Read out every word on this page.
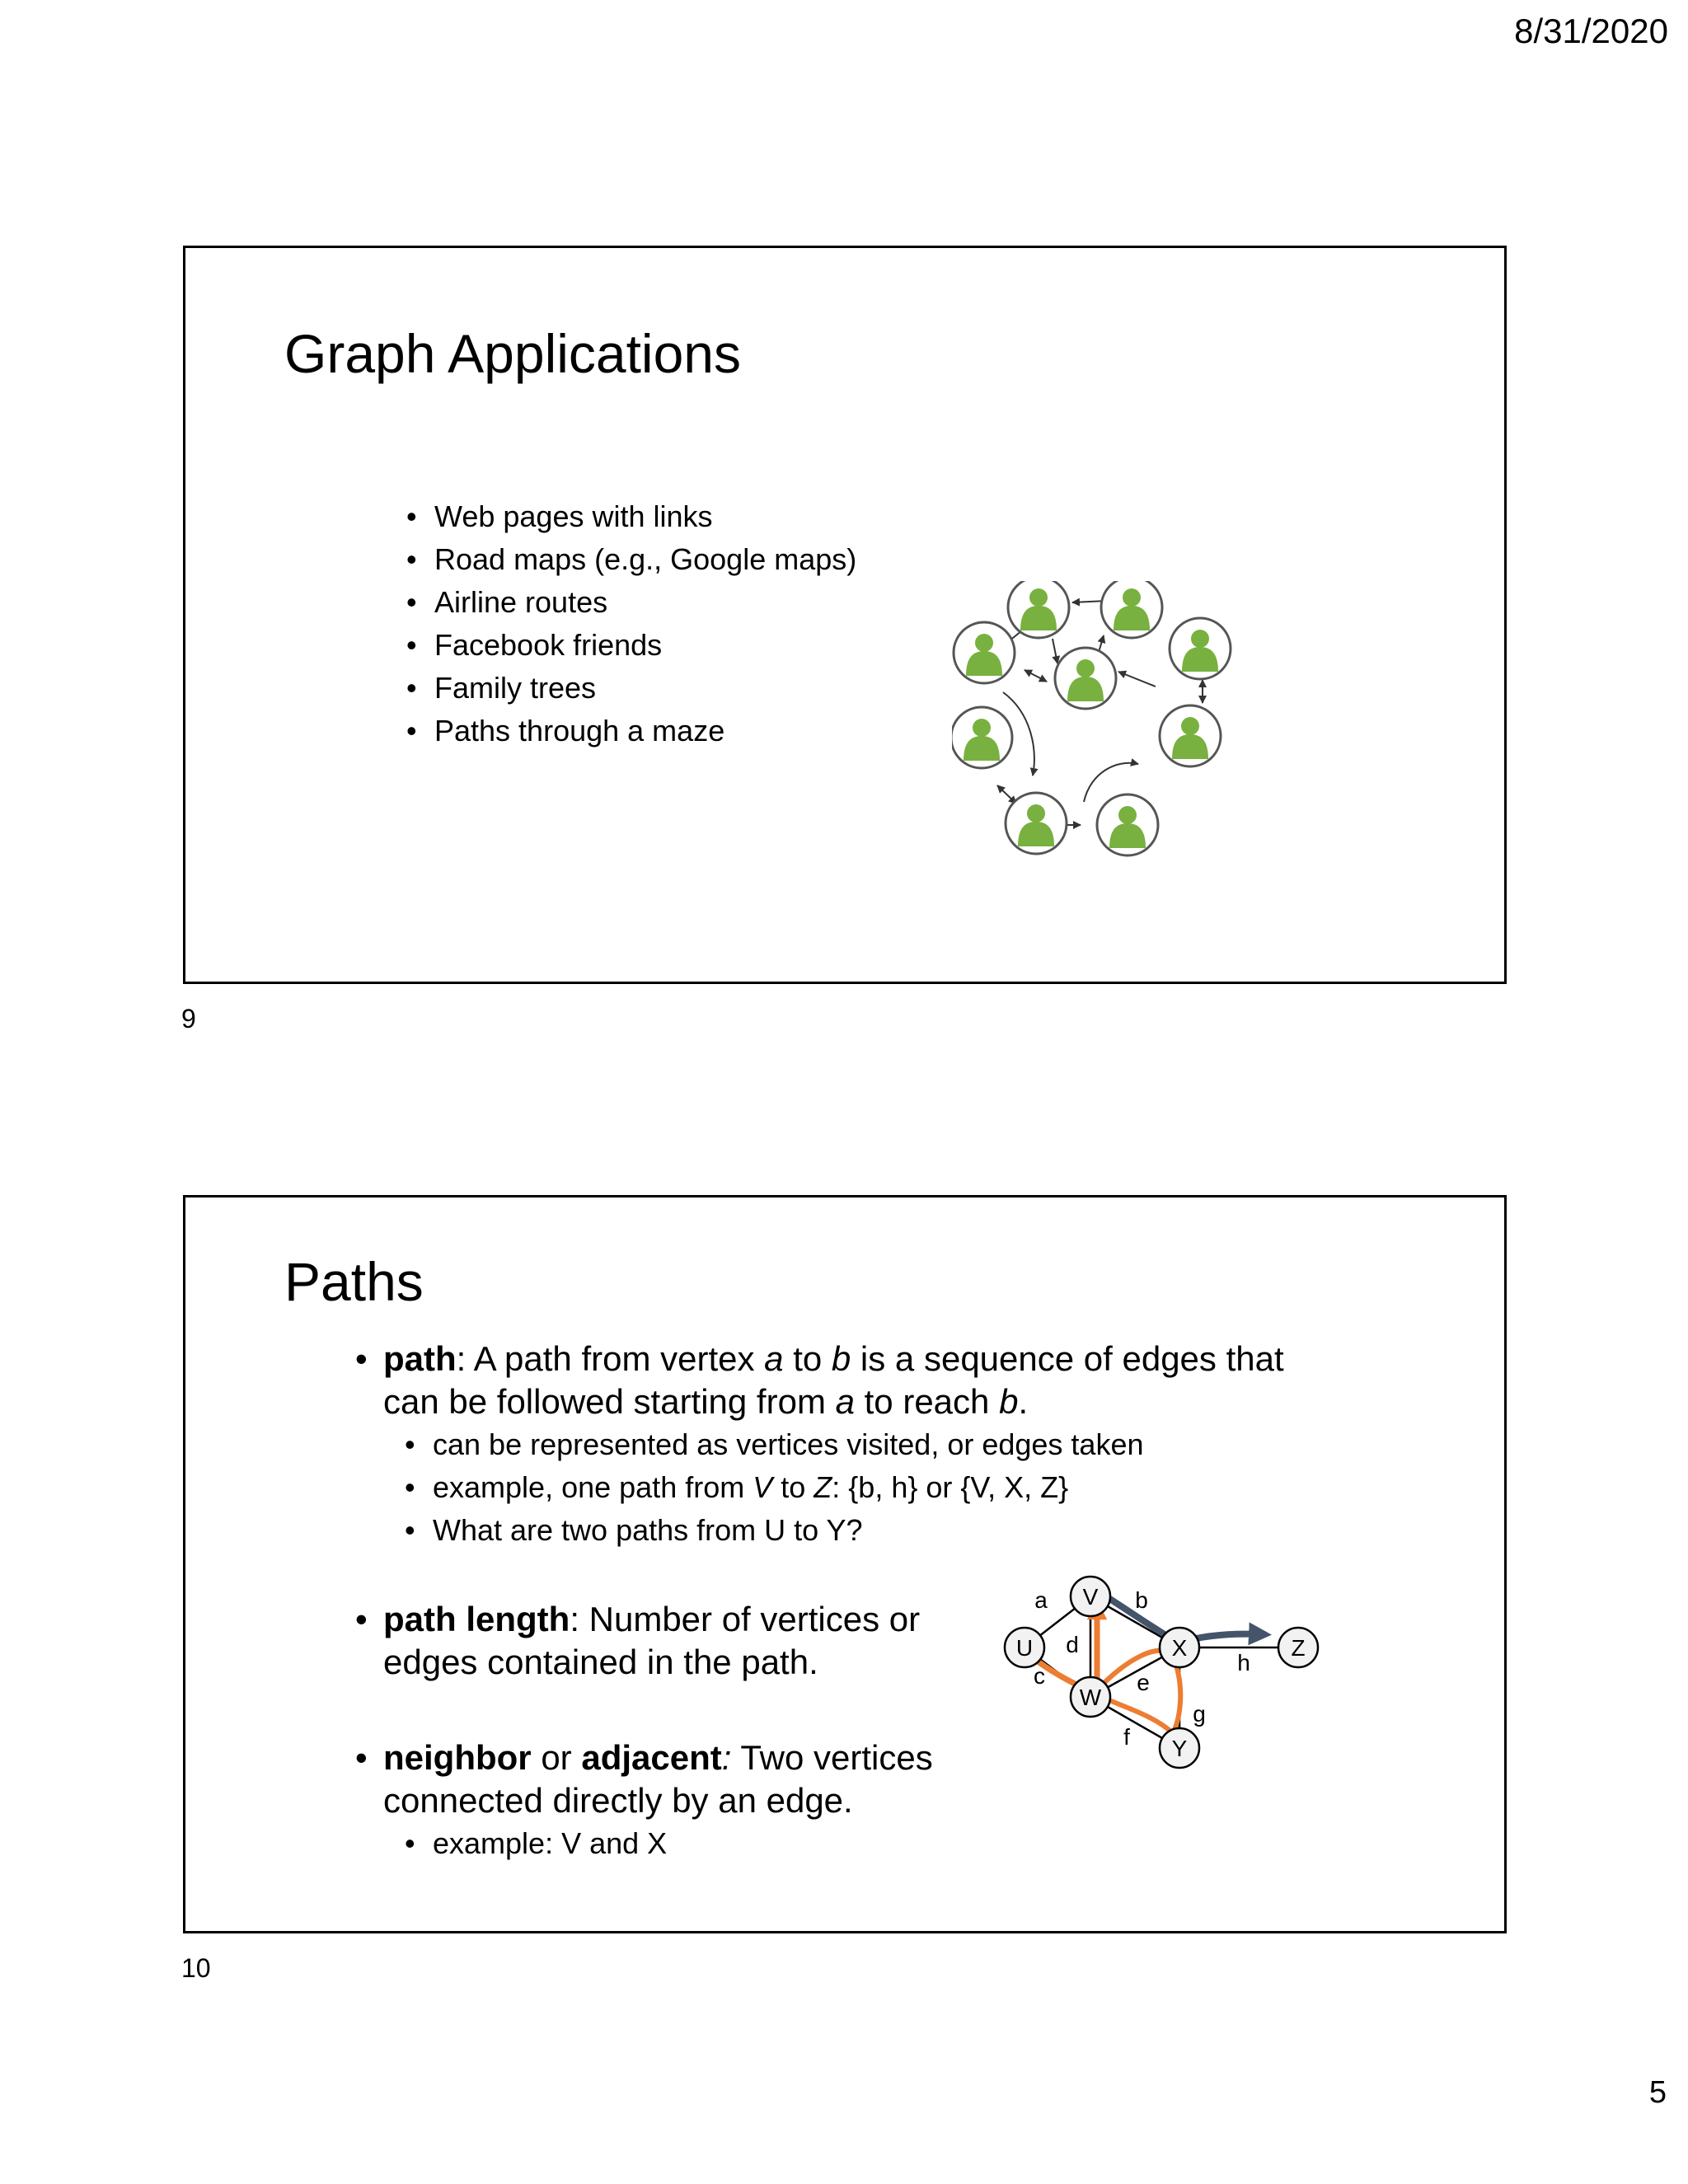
8/31/2020
Graph Applications
• Web pages with links
• Road maps (e.g., Google maps)
• Airline routes
• Facebook friends
• Family trees
• Paths through a maze
9
Paths
• path: A path from vertex a to b is a sequence of edges that can be followed starting from a to reach b.
• can be represented as vertices visited, or edges taken
• example, one path from V to Z: {b, h} or {V, X, Z}
• What are two paths from U to Y?
• path length: Number of vertices or edges contained in the path.
• neighbor or adjacent: Two vertices connected directly by an edge.
• example: V and X
U
V
W
X
Y
Z
a	b
c
d
e
f
g
h
10
5
